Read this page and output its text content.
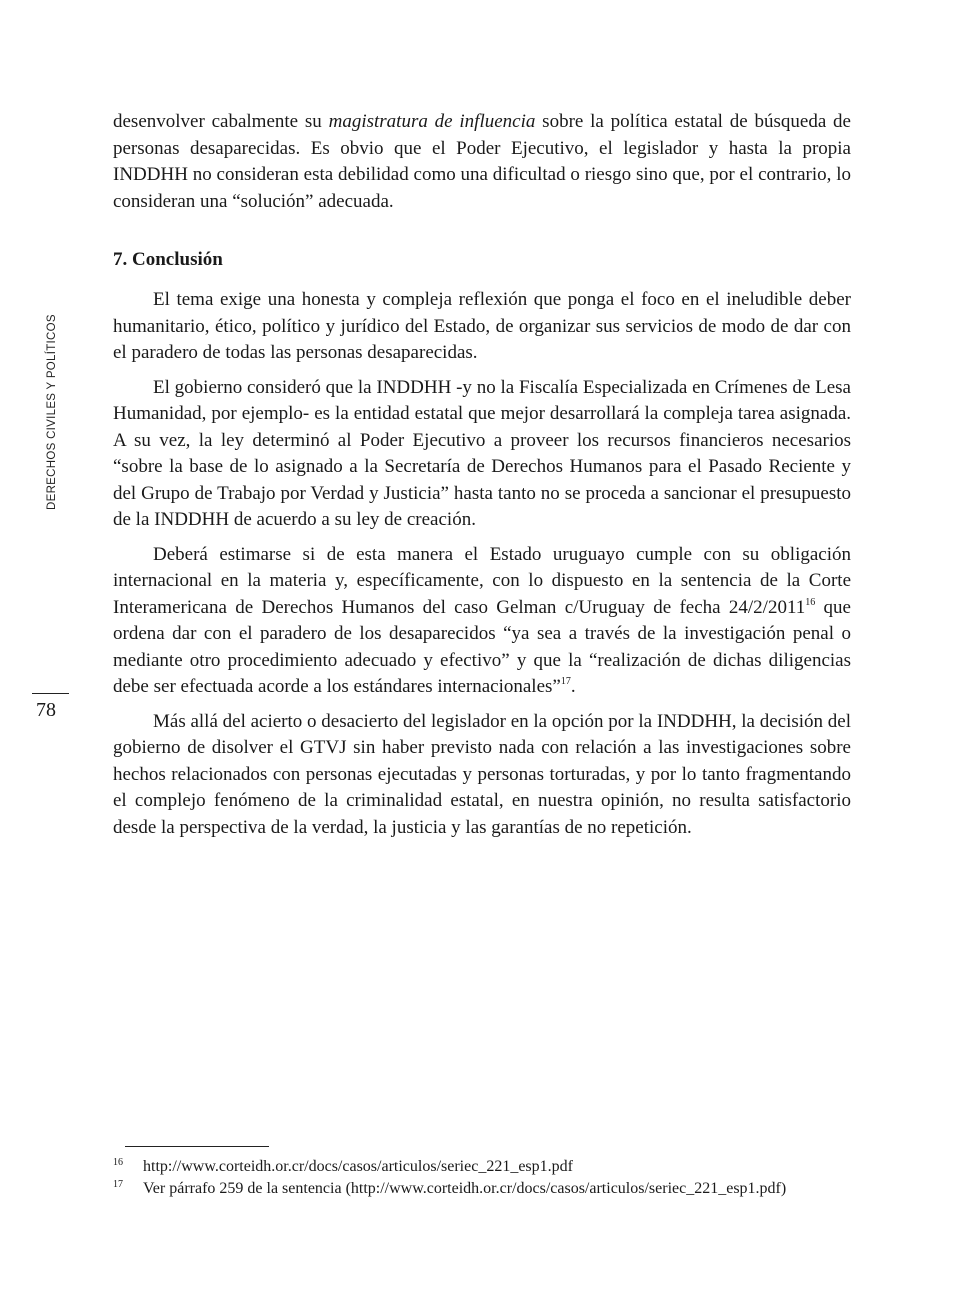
DERECHOS CIVILES Y POLÍTICOS
78

desenvolver cabalmente su magistratura de influencia sobre la política estatal de búsqueda de personas desaparecidas. Es obvio que el Poder Ejecutivo, el legislador y hasta la propia INDDHH no consideran esta debilidad como una dificultad o riesgo sino que, por el contrario, lo consideran una “solución” adecuada.

7. Conclusión

El tema exige una honesta y compleja reflexión que ponga el foco en el ineludible deber humanitario, ético, político y jurídico del Estado, de organizar sus servicios de modo de dar con el paradero de todas las personas desaparecidas.

El gobierno consideró que la INDDHH -y no la Fiscalía Especializada en Crímenes de Lesa Humanidad, por ejemplo- es la entidad estatal que mejor desarrollará la compleja tarea asignada. A su vez, la ley determinó al Poder Ejecutivo a proveer los recursos financieros necesarios “sobre la base de lo asignado a la Secretaría de Derechos Humanos para el Pasado Reciente y del Grupo de Trabajo por Verdad y Justicia” hasta tanto no se proceda a sancionar el presupuesto de la INDDHH de acuerdo a su ley de creación.

Deberá estimarse si de esta manera el Estado uruguayo cumple con su obligación internacional en la materia y, específicamente, con lo dispuesto en la sentencia de la Corte Interamericana de Derechos Humanos del caso Gelman c/Uruguay de fecha 24/2/2011$^{16}$ que ordena dar con el paradero de los desaparecidos “ya sea a través de la investigación penal o mediante otro procedimiento adecuado y efectivo” y que la “realización de dichas diligencias debe ser efectuada acorde a los estándares internacionales”$^{17}$.

Más allá del acierto o desacierto del legislador en la opción por la INDDHH, la decisión del gobierno de disolver el GTVJ sin haber previsto nada con relación a las investigaciones sobre hechos relacionados con personas ejecutadas y personas torturadas, y por lo tanto fragmentando el complejo fenómeno de la criminalidad estatal, en nuestra opinión, no resulta satisfactorio desde la perspectiva de la verdad, la justicia y las garantías de no repetición.

16 http://www.corteidh.or.cr/docs/casos/articulos/seriec_221_esp1.pdf
17 Ver párrafo 259 de la sentencia (http://www.corteidh.or.cr/docs/casos/articulos/seriec_221_esp1.pdf)
